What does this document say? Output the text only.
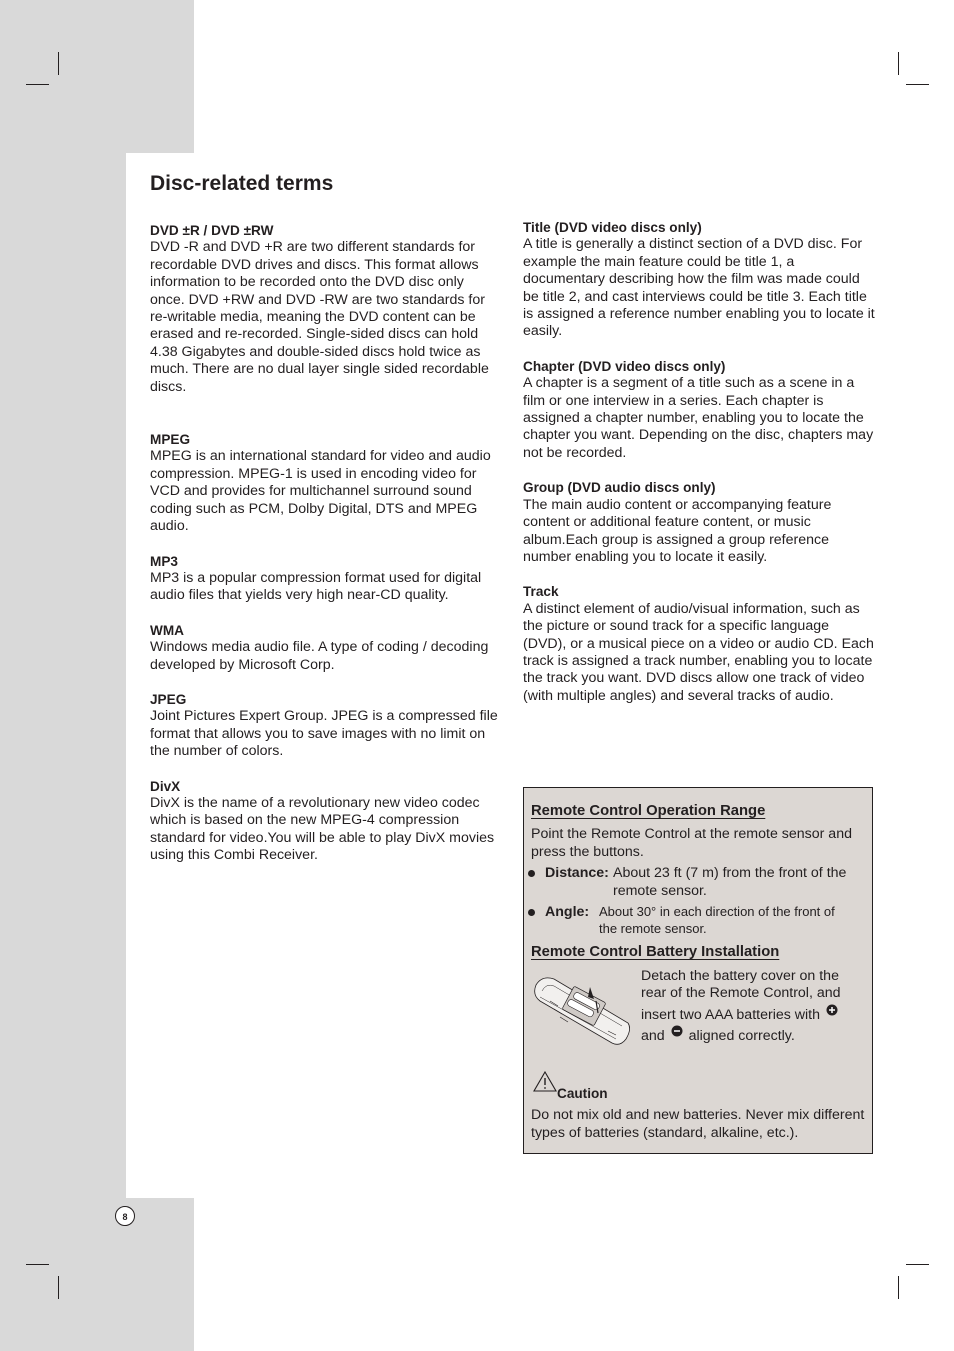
Disc-related terms

DVD ±R / DVD ±RW
DVD -R and DVD +R are two different standards for recordable DVD drives and discs. This format allows information to be recorded onto the DVD disc only once. DVD +RW and DVD -RW are two standards for re-writable media, meaning the DVD content can be erased and re-recorded. Single-sided discs can hold 4.38 Gigabytes and double-sided discs hold twice as much. There are no dual layer single sided recordable discs.

MPEG
MPEG is an international standard for video and audio compression. MPEG-1 is used in encoding video for VCD and provides for multichannel surround sound coding such as PCM, Dolby Digital, DTS and MPEG audio.

MP3
MP3 is a popular compression format used for digital audio files that yields very high near-CD quality.

WMA
Windows media audio file. A type of coding / decoding developed by Microsoft Corp.

JPEG
Joint Pictures Expert Group. JPEG is a compressed file format that allows you to save images with no limit on the number of colors.

DivX
DivX is the name of a revolutionary new video codec which is based on the new MPEG-4 compression standard for video.You will be able to play DivX movies using this Combi Receiver.

Title (DVD video discs only)
A title is generally a distinct section of a DVD disc. For example the main feature could be title 1, a documentary describing how the film was made could be title 2, and cast interviews could be title 3. Each title is assigned a reference number enabling you to locate it easily.

Chapter (DVD video discs only)
A chapter is a segment of a title such as a scene in a film or one interview in a series. Each chapter is assigned a chapter number, enabling you to locate the chapter you want. Depending on the disc, chapters may not be recorded.

Group (DVD audio discs only)
The main audio content or accompanying feature content or additional feature content, or music album.Each group is assigned a group reference number enabling you to locate it easily.

Track
A distinct element of audio/visual information, such as the picture or sound track for a specific language (DVD), or a musical piece on a video or audio CD. Each track is assigned a track number, enabling you to locate the track you want. DVD discs allow one track of video (with multiple angles) and several tracks of audio.

Remote Control Operation Range
Point the Remote Control at the remote sensor and press the buttons.
Distance: About 23 ft (7 m) from the front of the
remote sensor.
Angle: About 30° in each direction of the front of
the remote sensor.
Remote Control Battery Installation
Detach the battery cover on the
rear of the Remote Control, and
insert two AAA batteries with
and aligned correctly.
Caution
Do not mix old and new batteries. Never mix different types of batteries (standard, alkaline, etc.).
8
